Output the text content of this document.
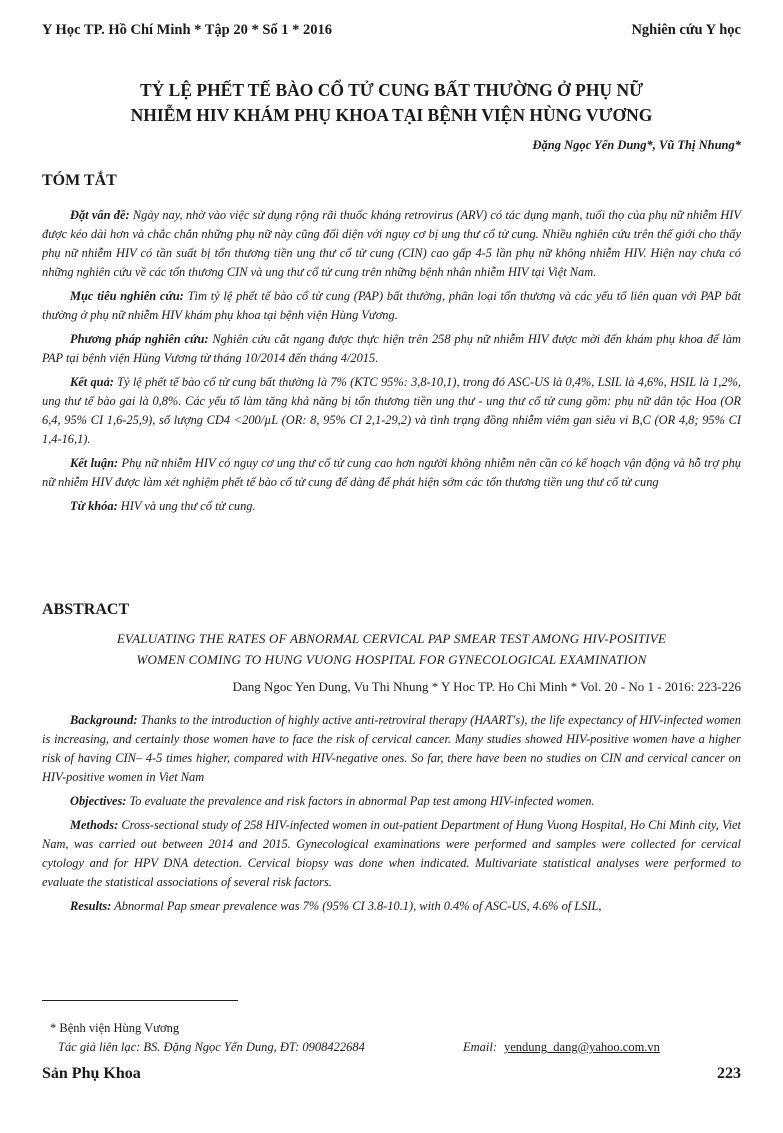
Y Học TP. Hồ Chí Minh * Tập 20 * Số 1 * 2016	Nghiên cứu Y học
TỶ LỆ PHẾT TẾ BÀO CỔ TỬ CUNG BẤT THƯỜNG Ở PHỤ NỮ
NHIỄM HIV KHÁM PHỤ KHOA TẠI BỆNH VIỆN HÙNG VƯƠNG
Đặng Ngọc Yến Dung*, Vũ Thị Nhung*
TÓM TẮT

Đặt vấn đề: Ngày nay, nhờ vào việc sử dụng rộng rãi thuốc kháng retrovirus (ARV) có tác dụng mạnh, tuổi thọ của phụ nữ nhiễm HIV được kéo dài hơn và chắc chắn những phụ nữ này cũng đối diện với nguy cơ bị ung thư cổ tử cung. Nhiều nghiên cứu trên thế giới cho thấy phụ nữ nhiễm HIV có tần suất bị tổn thương tiền ung thư cổ tử cung (CIN) cao gấp 4-5 lần phụ nữ không nhiễm HIV. Hiện nay chưa có những nghiên cứu về các tổn thương CIN và ung thư cổ tử cung trên những bệnh nhân nhiễm HIV tại Việt Nam.

Mục tiêu nghiên cứu: Tìm tỷ lệ phết tế bào cổ tử cung (PAP) bất thường, phân loại tổn thương và các yếu tố liên quan với PAP bất thường ở phụ nữ nhiễm HIV khám phụ khoa tại bệnh viện Hùng Vương.

Phương pháp nghiên cứu: Nghiên cứu cắt ngang được thực hiện trên 258 phụ nữ nhiễm HIV được mời đến khám phụ khoa để làm PAP tại bệnh viện Hùng Vương từ tháng 10/2014 đến tháng 4/2015.

Kết quả: Tỷ lệ phết tế bào cổ tử cung bất thường là 7% (KTC 95%: 3,8-10,1), trong đó ASC-US là 0,4%, LSIL là 4,6%, HSIL là 1,2%, ung thư tế bào gai là 0,8%. Các yếu tố làm tăng khả năng bị tổn thương tiền ung thư - ung thư cổ tử cung gồm: phụ nữ dân tộc Hoa (OR 6,4, 95% CI 1,6-25,9), số lượng CD4 <200/µL (OR: 8, 95% CI 2,1-29,2) và tình trạng đồng nhiễm viêm gan siêu vi B,C (OR 4,8; 95% CI 1,4-16,1).

Kết luận: Phụ nữ nhiễm HIV có nguy cơ ung thư cổ tử cung cao hơn người không nhiễm nên cần có kế hoạch vận động và hỗ trợ phụ nữ nhiễm HIV được làm xét nghiệm phết tế bào cổ tử cung để dàng để phát hiện sớm các tổn thương tiền ung thư cổ tử cung

Từ khóa: HIV và ung thư cổ tử cung.

ABSTRACT
EVALUATING THE RATES OF ABNORMAL CERVICAL PAP SMEAR TEST AMONG HIV-POSITIVE
WOMEN COMING TO HUNG VUONG HOSPITAL FOR GYNECOLOGICAL EXAMINATION
Dang Ngoc Yen Dung, Vu Thi Nhung * Y Hoc TP. Ho Chi Minh * Vol. 20 - No 1 - 2016: 223-226

Background: Thanks to the introduction of highly active anti-retroviral therapy (HAART's), the life expectancy of HIV-infected women is increasing, and certainly those women have to face the risk of cervical cancer. Many studies showed HIV-positive women have a higher risk of having CIN– 4-5 times higher, compared with HIV-negative ones. So far, there have been no studies on CIN and cervical cancer on HIV-positive women in Viet Nam

Objectives: To evaluate the prevalence and risk factors in abnormal Pap test among HIV-infected women.

Methods: Cross-sectional study of 258 HIV-infected women in out-patient Department of Hung Vuong Hospital, Ho Chi Minh city, Viet Nam, was carried out between 2014 and 2015. Gynecological examinations were performed and samples were collected for cervical cytology and for HPV DNA detection. Cervical biopsy was done when indicated. Multivariate statistical analyses were performed to evaluate the statistical associations of several risk factors.

Results: Abnormal Pap smear prevalence was 7% (95% CI 3.8-10.1), with 0.4% of ASC-US, 4.6% of LSIL,

* Bệnh viện Hùng Vương
Tác giả liên lạc: BS. Đặng Ngọc Yến Dung, ĐT: 0908422684	Email: yendung_dang@yahoo.com.vn
Sản Phụ Khoa	223
